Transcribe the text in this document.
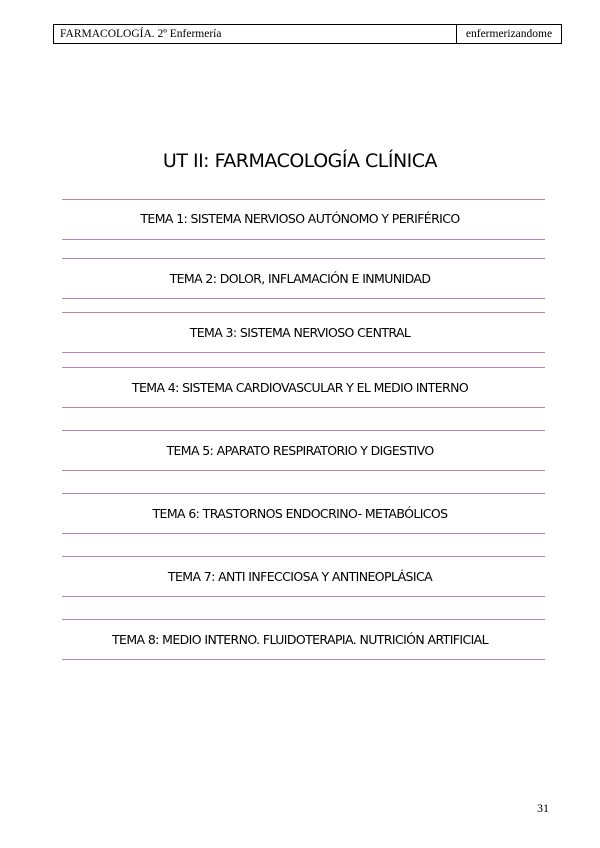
FARMACOLOGÍA. 2º Enfermería	enfermerizandome
UT II: FARMACOLOGÍA CLÍNICA
TEMA 1: SISTEMA NERVIOSO AUTÓNOMO Y PERIFÉRICO
TEMA 2: DOLOR, INFLAMACIÓN E INMUNIDAD
TEMA 3: SISTEMA NERVIOSO CENTRAL
TEMA 4: SISTEMA CARDIOVASCULAR Y EL MEDIO INTERNO
TEMA 5: APARATO RESPIRATORIO Y DIGESTIVO
TEMA 6: TRASTORNOS ENDOCRINO- METABÓLICOS
TEMA 7: ANTI INFECCIOSA Y ANTINEOPLÁSICA
TEMA 8: MEDIO INTERNO. FLUIDOTERAPIA. NUTRICIÓN ARTIFICIAL
31
